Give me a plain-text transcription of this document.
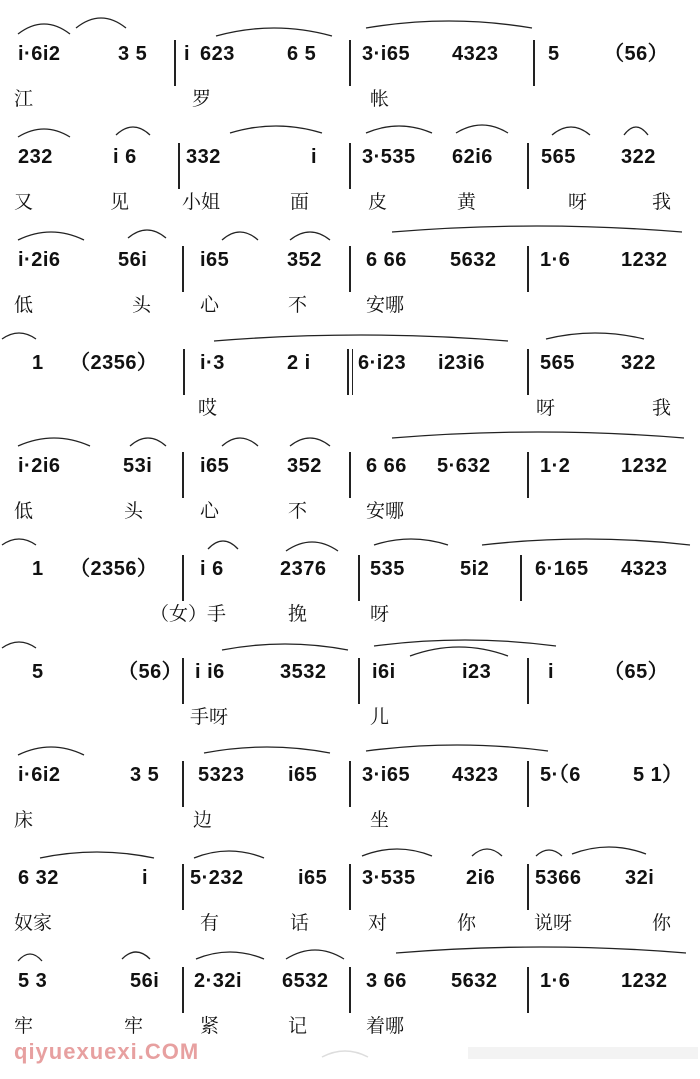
i·6i2	3 5 i 623	6 5 3·i65 4323 5 （56）
江	罗	帐
232	i 6 332	i 3·535 62i6 565 322
又	见	小姐	面	皮	黄	呀	我
i·2i6	56i	i65	352 6 66 5632 1·6	1232
低	头	心	不	安哪
1 （2356） i·3	2 i 6·i23 i23i6	565 322
哎	呀	我
i·2i6	53i i65	352 6 66 5·632 1·2	1232
低	头	心	不	安哪
1 （2356） i 6	2376 535	5i2 6·165 4323
（女）手	挽	呀
5	（56） i i6	3532 i6i	i23	i （65）
手呀	儿
i·6i2	3 5 5323 i65 3·i65 4323 5·（6	5 1）
床	边	坐
6 32	i 5·232	i65 3·535	2i6 5366 32i
奴家	有	话	对	你	说呀	你
5 3	56i 2·32i 6532 3 66 5632 1·6	1232
牢	牢	紧	记	着哪
qiyuexuexi.COM
